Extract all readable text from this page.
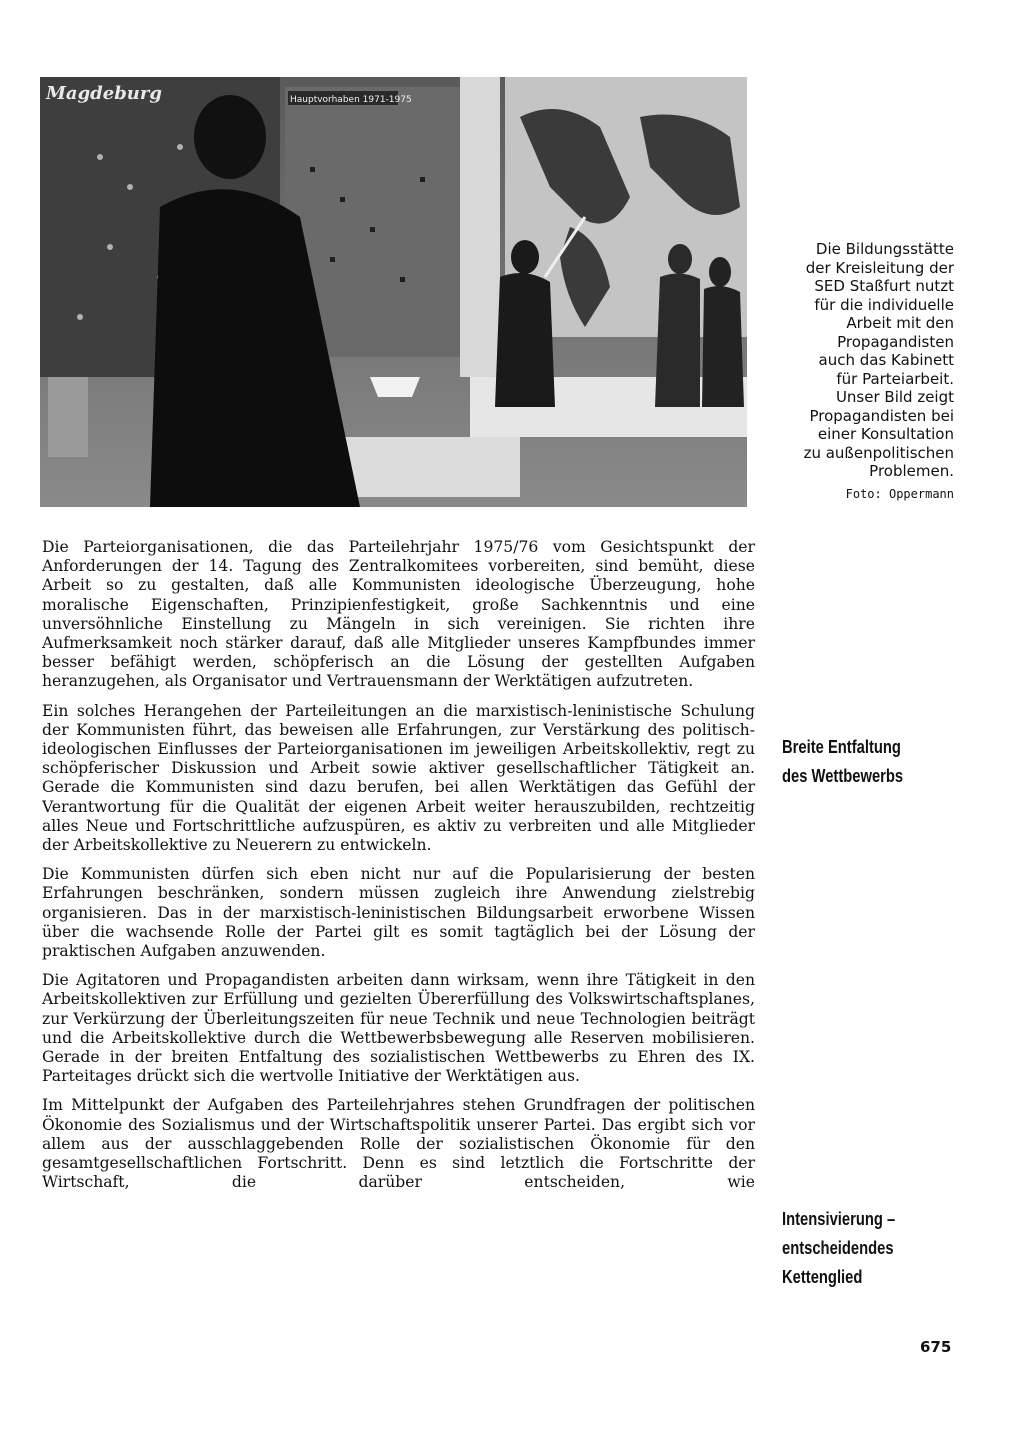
Magdeburg	Hauptvorhaben 1971-1975
Die Bildungsstätte
der Kreisleitung der
SED Staßfurt nutzt
für die individuelle
Arbeit mit den
Propagandisten
auch das Kabinett
für Parteiarbeit.
Unser Bild zeigt
Propagandisten bei
einer Konsultation
zu außenpolitischen
Problemen.
Foto: Oppermann

Die Parteiorganisationen, die das Parteilehrjahr 1975/76 vom Gesichtspunkt der Anforderungen der 14. Tagung des Zentralkomitees vorbereiten, sind bemüht, diese Arbeit so zu gestalten, daß alle Kommunisten ideologische Überzeugung, hohe moralische Eigenschaften, Prinzipienfestigkeit, große Sachkenntnis und eine unversöhnliche Einstellung zu Mängeln in sich vereinigen. Sie richten ihre Aufmerksamkeit noch stärker darauf, daß alle Mitglieder unseres Kampfbundes immer besser befähigt werden, schöpferisch an die Lösung der gestellten Aufgaben heranzugehen, als Organisator und Vertrauensmann der Werktätigen aufzutreten.

Ein solches Herangehen der Parteileitungen an die marxistisch-leninistische Schulung der Kommunisten führt, das beweisen alle Erfahrungen, zur Verstärkung des politisch-ideologischen Einflusses der Parteiorganisationen im jeweiligen Arbeitskollektiv, regt zu schöpferischer Diskussion und Arbeit sowie aktiver gesellschaftlicher Tätigkeit an. Gerade die Kommunisten sind dazu berufen, bei allen Werktätigen das Gefühl der Verantwortung für die Qualität der eigenen Arbeit weiter herauszubilden, rechtzeitig alles Neue und Fortschrittliche aufzuspüren, es aktiv zu verbreiten und alle Mitglieder der Arbeitskollektive zu Neuerern zu entwickeln.

Die Kommunisten dürfen sich eben nicht nur auf die Popularisierung der besten Erfahrungen beschränken, sondern müssen zugleich ihre Anwendung zielstrebig organisieren. Das in der marxistisch-leninistischen Bildungsarbeit erworbene Wissen über die wachsende Rolle der Partei gilt es somit tagtäglich bei der Lösung der praktischen Aufgaben anzuwenden.

Die Agitatoren und Propagandisten arbeiten dann wirksam, wenn ihre Tätigkeit in den Arbeitskollektiven zur Erfüllung und gezielten Übererfüllung des Volkswirtschaftsplanes, zur Verkürzung der Überleitungszeiten für neue Technik und neue Technologien beiträgt und die Arbeitskollektive durch die Wettbewerbsbewegung alle Reserven mobilisieren. Gerade in der breiten Entfaltung des sozialistischen Wettbewerbs zu Ehren des IX. Parteitages drückt sich die wertvolle Initiative der Werktätigen aus.

Im Mittelpunkt der Aufgaben des Parteilehrjahres stehen Grundfragen der politischen Ökonomie des Sozialismus und der Wirtschaftspolitik unserer Partei. Das ergibt sich vor allem aus der ausschlaggebenden Rolle der sozialistischen Ökonomie für den gesamtgesellschaftlichen Fortschritt. Denn es sind letztlich die Fortschritte der Wirtschaft, die darüber entscheiden, wie

Breite Entfaltung
des Wettbewerbs
Intensivierung –
entscheidendes
Kettenglied
675
